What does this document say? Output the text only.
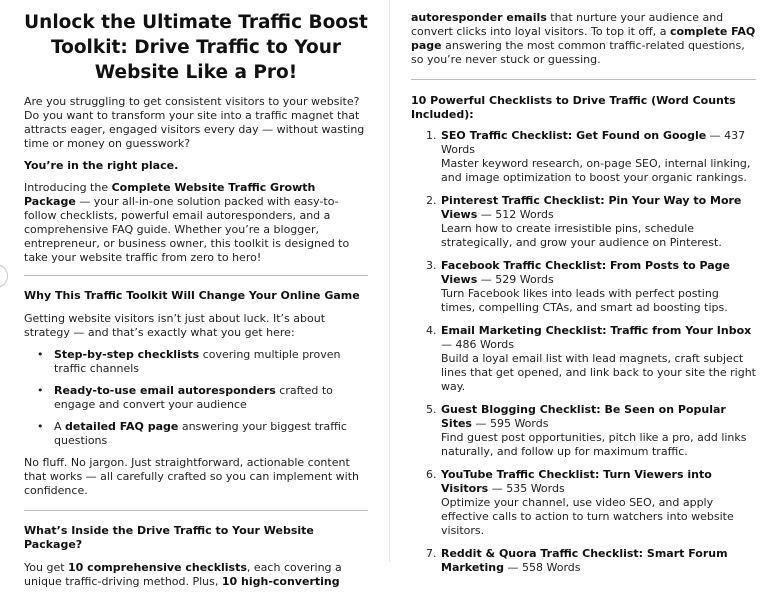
Unlock the Ultimate Traffic Boost Toolkit: Drive Traffic to Your Website Like a Pro!

Are you struggling to get consistent visitors to your website? Do you want to transform your site into a traffic magnet that attracts eager, engaged visitors every day — without wasting time or money on guesswork?

You’re in the right place.

Introducing the Complete Website Traffic Growth Package — your all-in-one solution packed with easy-to-follow checklists, powerful email autoresponders, and a comprehensive FAQ guide. Whether you’re a blogger, entrepreneur, or business owner, this toolkit is designed to take your website traffic from zero to hero!

Why This Traffic Toolkit Will Change Your Online Game

Getting website visitors isn’t just about luck. It’s about strategy — and that’s exactly what you get here:

• Step-by-step checklists covering multiple proven traffic channels
• Ready-to-use email autoresponders crafted to engage and convert your audience
• A detailed FAQ page answering your biggest traffic questions

No fluff. No jargon. Just straightforward, actionable content that works — all carefully crafted so you can implement with confidence.

What’s Inside the Drive Traffic to Your Website Package?

You get 10 comprehensive checklists, each covering a unique traffic-driving method. Plus, 10 high-converting

autoresponder emails that nurture your audience and convert clicks into loyal visitors. To top it off, a complete FAQ page answering the most common traffic-related questions, so you’re never stuck or guessing.

10 Powerful Checklists to Drive Traffic (Word Counts Included):
1. SEO Traffic Checklist: Get Found on Google — 437 Words
Master keyword research, on-page SEO, internal linking, and image optimization to boost your organic rankings.
2. Pinterest Traffic Checklist: Pin Your Way to More Views — 512 Words
Learn how to create irresistible pins, schedule strategically, and grow your audience on Pinterest.
3. Facebook Traffic Checklist: From Posts to Page Views — 529 Words
Turn Facebook likes into leads with perfect posting times, compelling CTAs, and smart ad boosting tips.
4. Email Marketing Checklist: Traffic from Your Inbox — 486 Words
Build a loyal email list with lead magnets, craft subject lines that get opened, and link back to your site the right way.
5. Guest Blogging Checklist: Be Seen on Popular Sites — 595 Words
Find guest post opportunities, pitch like a pro, add links naturally, and follow up for maximum traffic.
6. YouTube Traffic Checklist: Turn Viewers into Visitors — 535 Words
Optimize your channel, use video SEO, and apply effective calls to action to turn watchers into website visitors.
7. Reddit & Quora Traffic Checklist: Smart Forum Marketing — 558 Words
